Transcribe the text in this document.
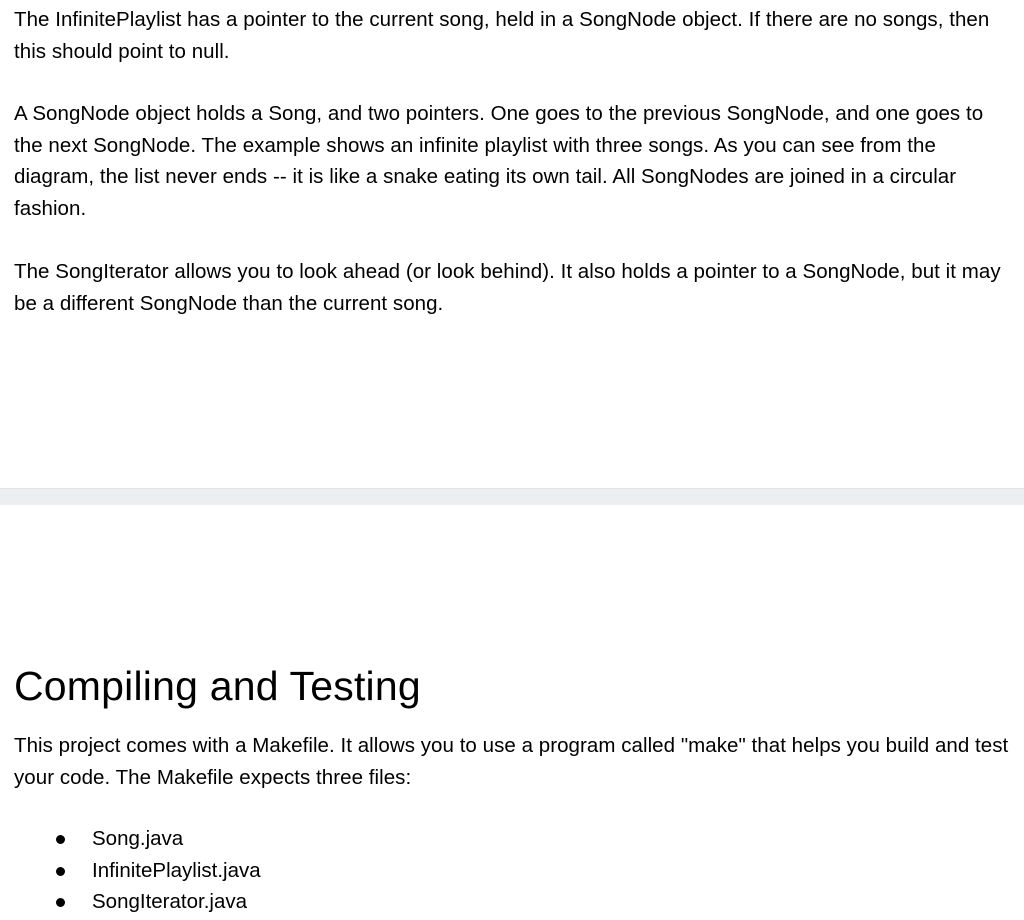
The InfinitePlaylist has a pointer to the current song, held in a SongNode object. If there are no songs, then this should point to null.

A SongNode object holds a Song, and two pointers. One goes to the previous SongNode, and one goes to the next SongNode. The example shows an infinite playlist with three songs. As you can see from the diagram, the list never ends -- it is like a snake eating its own tail. All SongNodes are joined in a circular fashion.

The SongIterator allows you to look ahead (or look behind). It also holds a pointer to a SongNode, but it may be a different SongNode than the current song.

Compiling and Testing

This project comes with a Makefile. It allows you to use a program called "make" that helps you build and test your code. The Makefile expects three files:

Song.java
InfinitePlaylist.java
SongIterator.java
